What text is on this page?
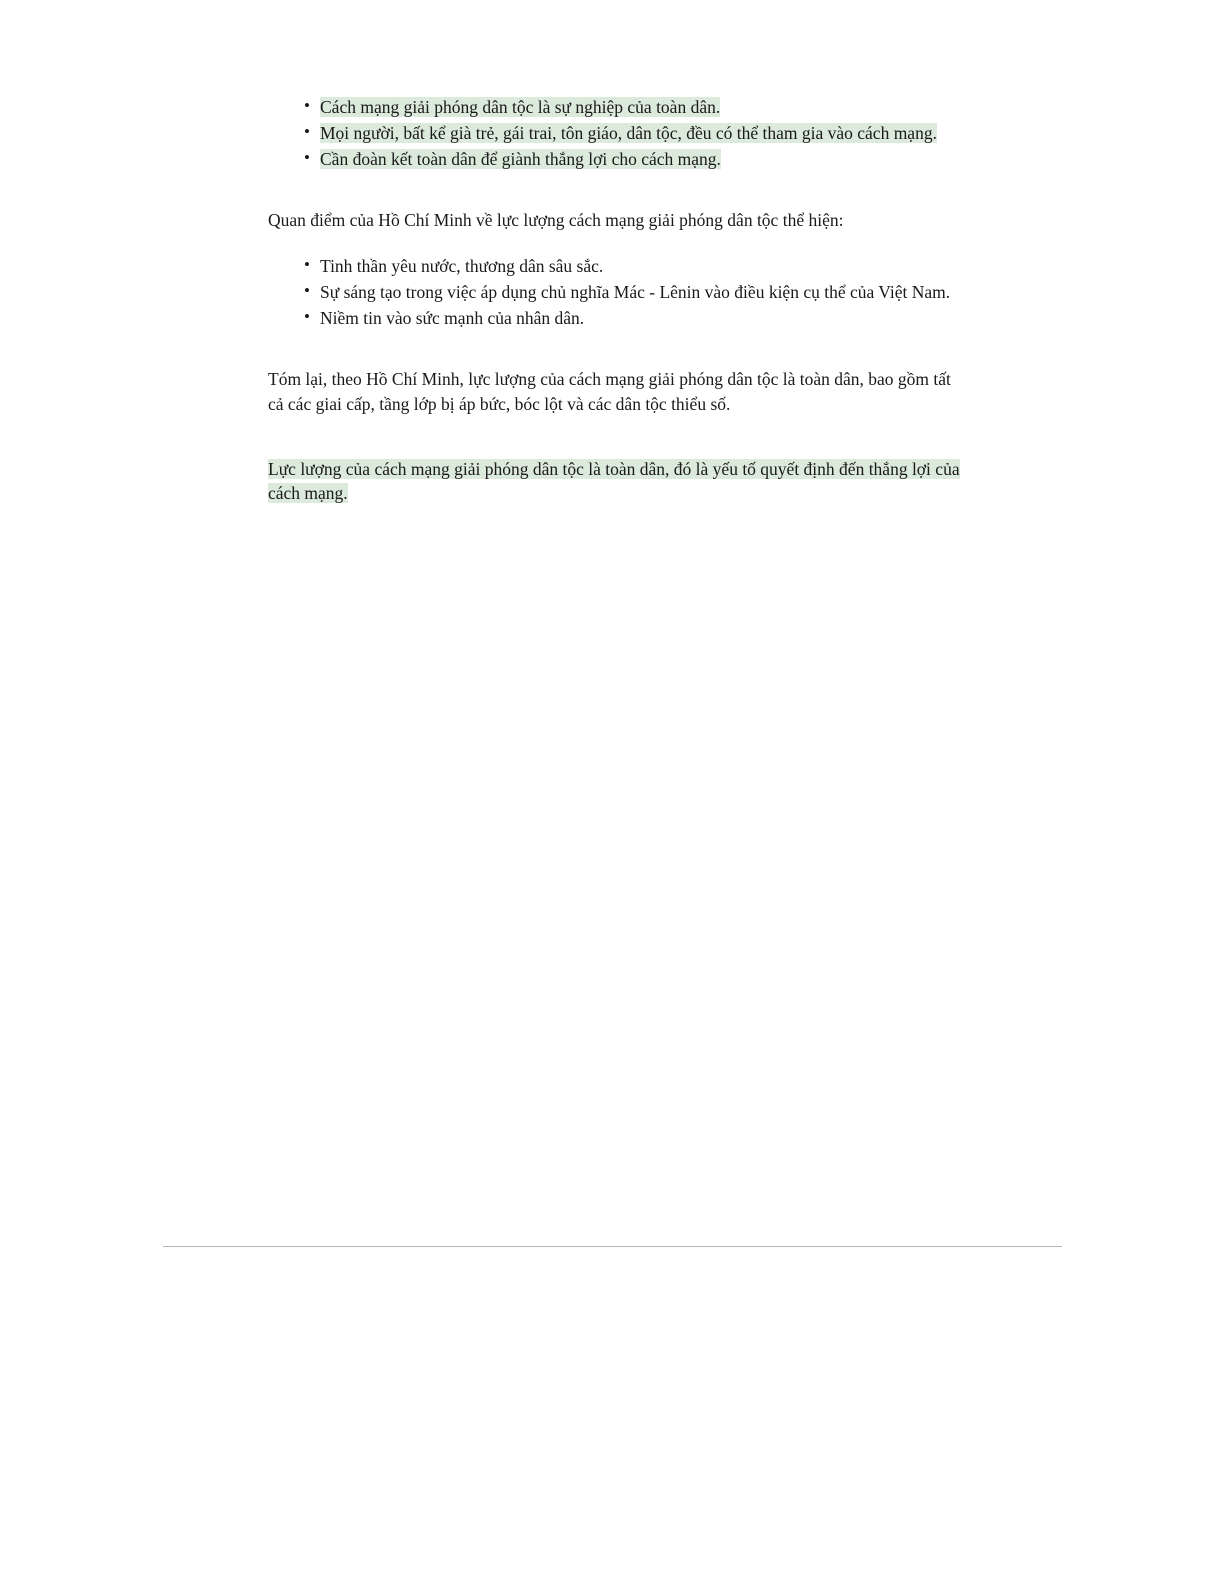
• Cách mạng giải phóng dân tộc là sự nghiệp của toàn dân.
• Mọi người, bất kể già trẻ, gái trai, tôn giáo, dân tộc, đều có thể tham gia vào cách mạng.
• Cần đoàn kết toàn dân để giành thắng lợi cho cách mạng.

Quan điểm của Hồ Chí Minh về lực lượng cách mạng giải phóng dân tộc thể hiện:

• Tinh thần yêu nước, thương dân sâu sắc.
• Sự sáng tạo trong việc áp dụng chủ nghĩa Mác - Lênin vào điều kiện cụ thể của Việt Nam.
• Niềm tin vào sức mạnh của nhân dân.

Tóm lại, theo Hồ Chí Minh, lực lượng của cách mạng giải phóng dân tộc là toàn dân, bao gồm tất cả các giai cấp, tầng lớp bị áp bức, bóc lột và các dân tộc thiểu số.

Lực lượng của cách mạng giải phóng dân tộc là toàn dân, đó là yếu tố quyết định đến thắng lợi của cách mạng.
